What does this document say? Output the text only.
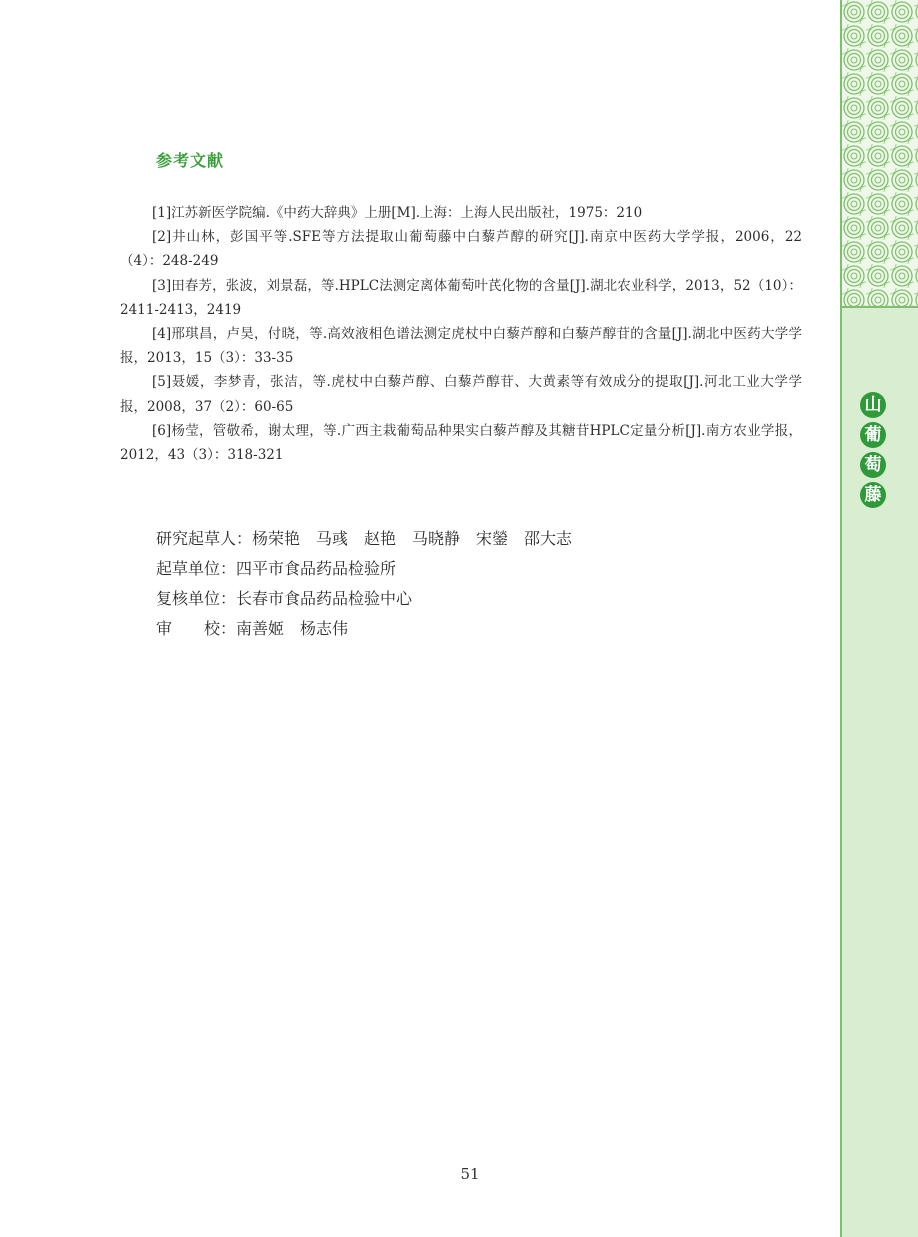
山
葡
萄
藤
参考文献

[1]江苏新医学院编.《中药大辞典》上册[M].上海：上海人民出版社，1975：210

[2]井山林，彭国平等.SFE等方法提取山葡萄藤中白藜芦醇的研究[J].南京中医药大学学报，2006，22（4）：248-249

[3]田春芳，张波，刘景磊，等.HPLC法测定离体葡萄叶芪化物的含量[J].湖北农业科学，2013，52（10）：2411-2413，2419

[4]邢琪昌，卢昊，付晓，等.高效液相色谱法测定虎杖中白藜芦醇和白藜芦醇苷的含量[J].湖北中医药大学学报，2013，15（3）：33-35

[5]聂媛，李梦青，张洁，等.虎杖中白藜芦醇、白藜芦醇苷、大黄素等有效成分的提取[J].河北工业大学学报，2008，37（2）：60-65

[6]杨莹，管敬希，谢太理，等.广西主栽葡萄品种果实白藜芦醇及其糖苷HPLC定量分析[J].南方农业学报，2012，43（3）：318-321

研究起草人：杨荣艳　马彧　赵艳　马晓静　宋鎣　邵大志
起草单位：四平市食品药品检验所
复核单位：长春市食品药品检验中心
审　　校：南善姬　杨志伟
51
